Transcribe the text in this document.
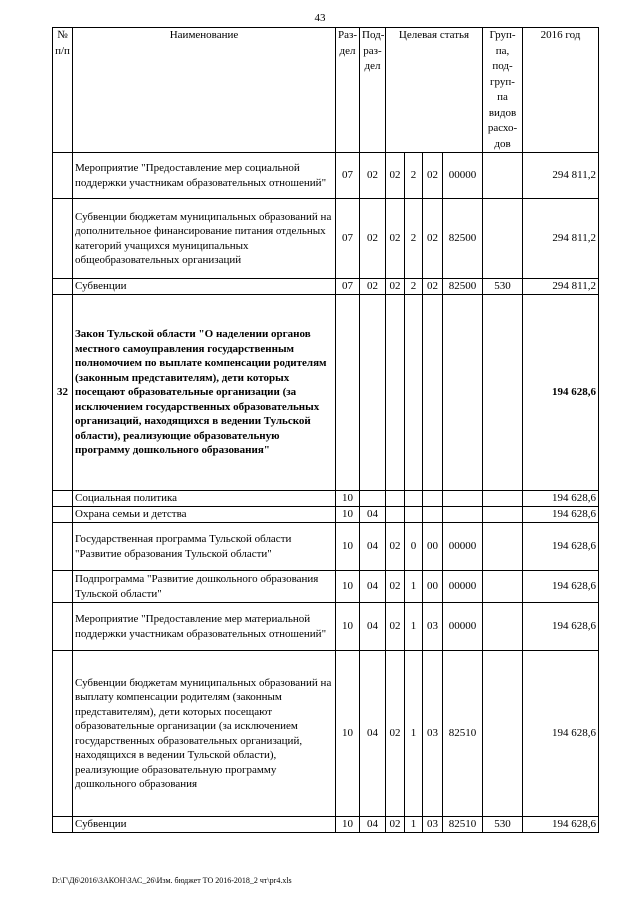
43
№ п/п	Наименование	Раз- дел	Под- раз- дел	Целевая статья				Груп- па, под- груп- па видов расхо- дов	2016 год
	Мероприятие "Предоставление мер социальной поддержки участникам образовательных отношений"	07	02	02	2	02	00000		294 811,2
	Субвенции бюджетам муниципальных образований на дополнительное финансирование питания отдельных категорий учащихся муниципальных общеобразовательных организаций	07	02	02	2	02	82500		294 811,2
	Субвенции	07	02	02	2	02	82500	530	294 811,2
32	Закон Тульской области "О наделении органов местного самоуправления государственным полномочием по выплате компенсации родителям (законным представителям), дети которых посещают образовательные организации (за исключением государственных образовательных организаций, находящихся в ведении Тульской области), реализующие образовательную программу дошкольного образования"								194 628,6
	Социальная политика	10							194 628,6
	Охрана семьи и детства	10	04						194 628,6
	Государственная программа Тульской области "Развитие образования Тульской области"	10	04	02	0	00	00000		194 628,6
	Подпрограмма "Развитие дошкольного образования Тульской области"	10	04	02	1	00	00000		194 628,6
	Мероприятие "Предоставление мер материальной поддержки участникам образовательных отношений"	10	04	02	1	03	00000		194 628,6
	Субвенции бюджетам муниципальных образований на выплату компенсации родителям (законным представителям), дети которых посещают образовательные организации (за исключением государственных образовательных организаций, находящихся в ведении Тульской области), реализующие образовательную программу дошкольного образования	10	04	02	1	03	82510		194 628,6
	Субвенции	10	04	02	1	03	82510	530	194 628,6
D:\Г\Д6\2016\ЗАКОН\ЗАС_26\Изм. бюджет ТО 2016-2018_2 чт\pr4.xls
